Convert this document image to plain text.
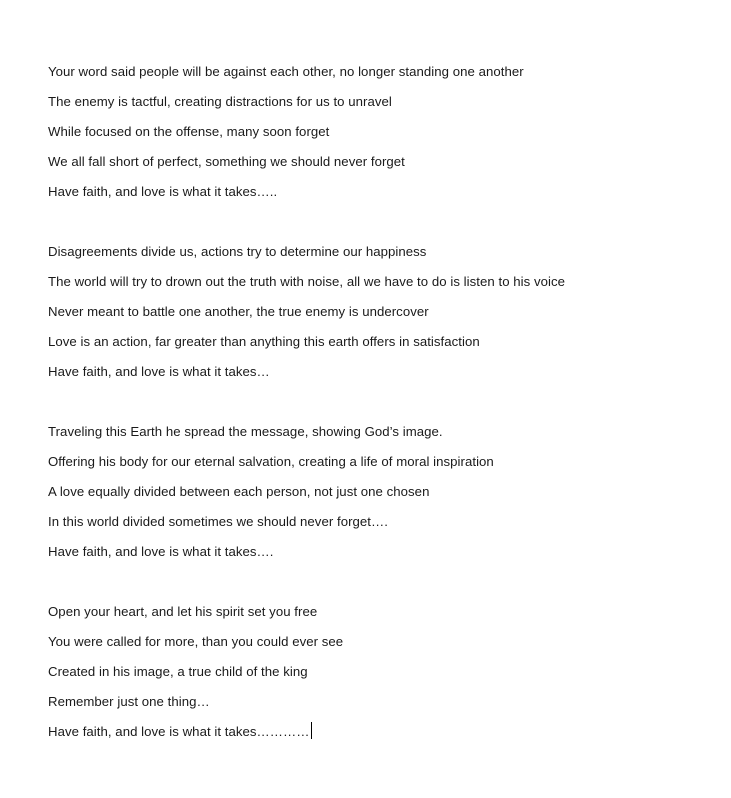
Your word said people will be against each other, no longer standing one another
The enemy is tactful, creating distractions for us to unravel
While focused on the offense, many soon forget
We all fall short of perfect, something we should never forget
Have faith, and love is what it takes…..
Disagreements divide us, actions try to determine our happiness
The world will try to drown out the truth with noise, all we have to do is listen to his voice
Never meant to battle one another, the true enemy is undercover
Love is an action, far greater than anything this earth offers in satisfaction
Have faith, and love is what it takes…
Traveling this Earth he spread the message, showing God’s image.
Offering his body for our eternal salvation, creating a life of moral inspiration
A love equally divided between each person, not just one chosen
In this world divided sometimes we should never forget….
Have faith, and love is what it takes….
Open your heart, and let his spirit set you free
You were called for more, than you could ever see
Created in his image, a true child of the king
Remember just one thing…
Have faith, and love is what it takes…………
